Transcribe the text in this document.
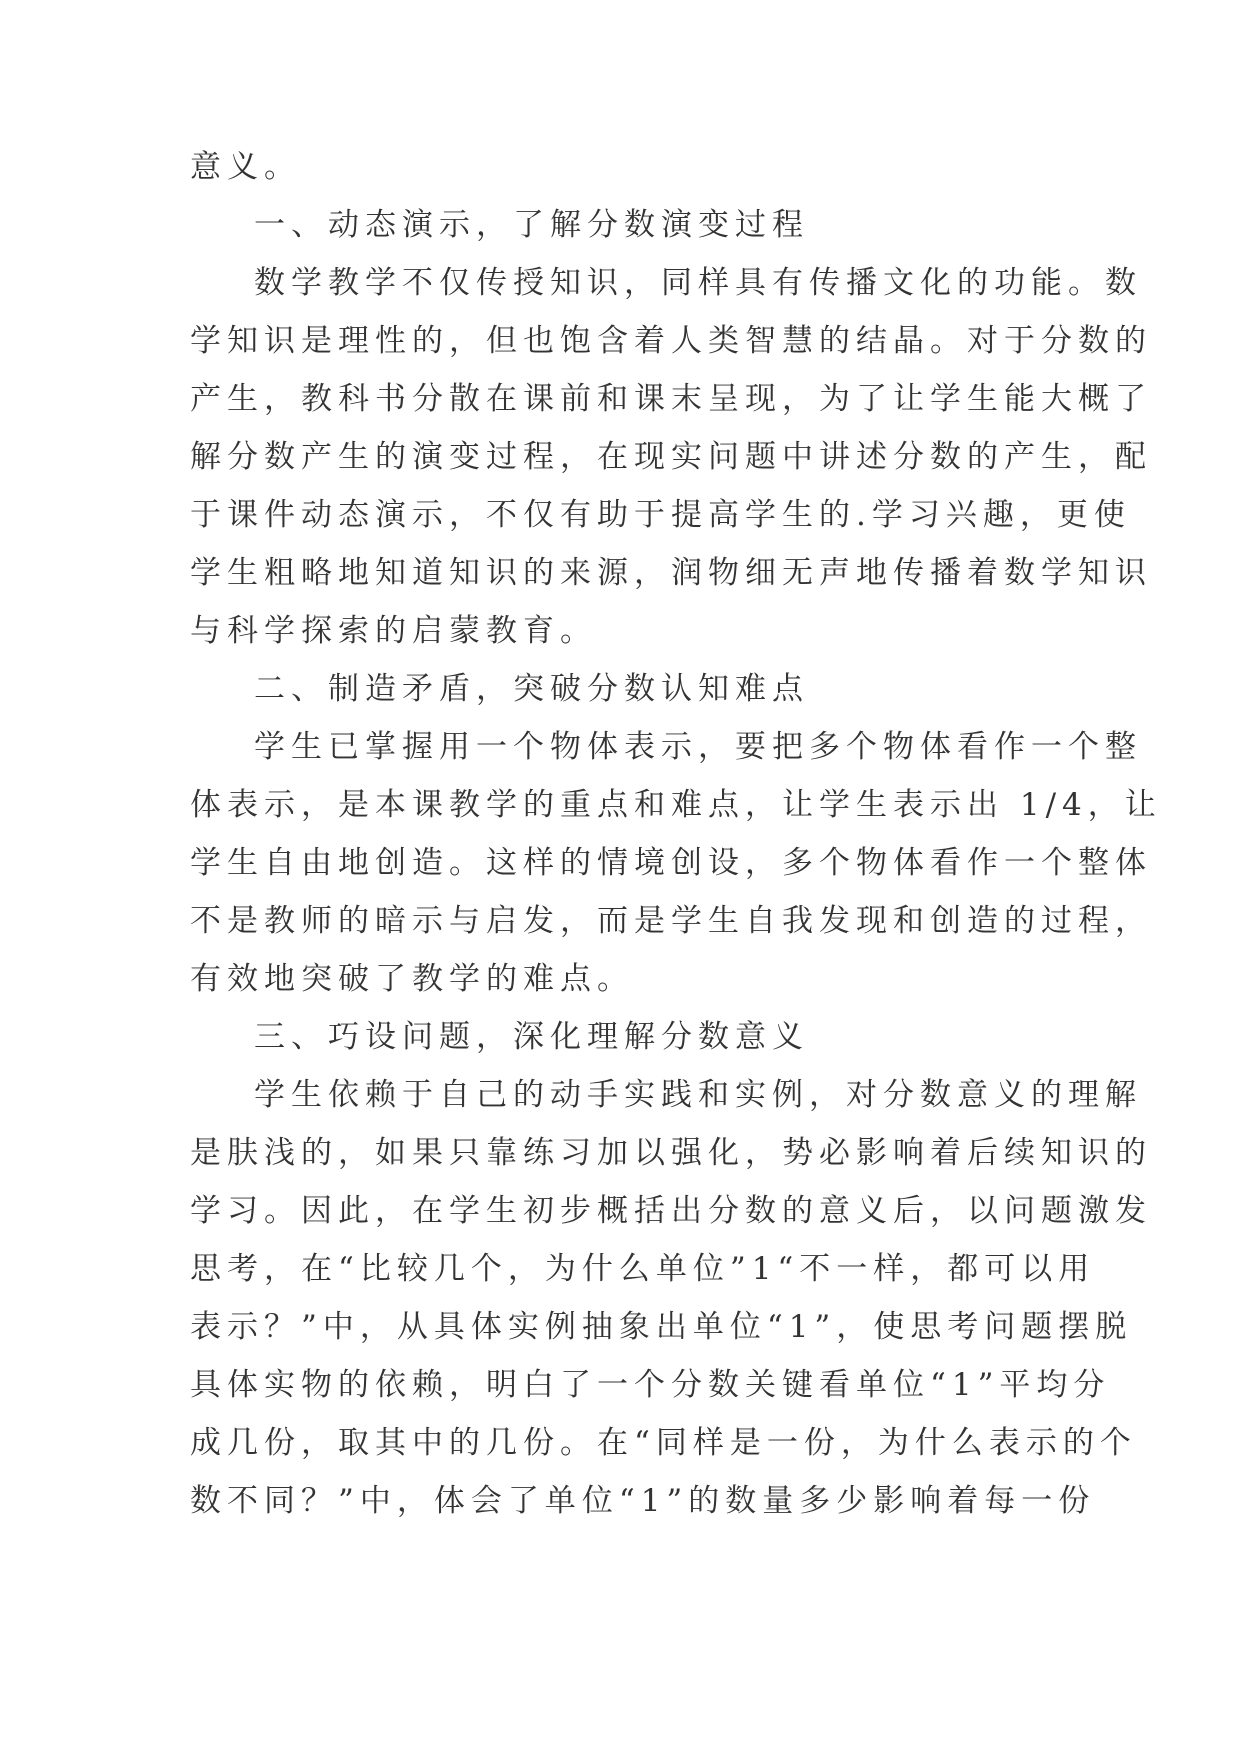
意义。
一、动态演示，了解分数演变过程
数学教学不仅传授知识，同样具有传播文化的功能。数
学知识是理性的，但也饱含着人类智慧的结晶。对于分数的
产生，教科书分散在课前和课末呈现，为了让学生能大概了
解分数产生的演变过程，在现实问题中讲述分数的产生，配
于课件动态演示，不仅有助于提高学生的.学习兴趣，更使
学生粗略地知道知识的来源，润物细无声地传播着数学知识
与科学探索的启蒙教育。
二、制造矛盾，突破分数认知难点
学生已掌握用一个物体表示，要把多个物体看作一个整
体表示，是本课教学的重点和难点，让学生表示出 1/4，让
学生自由地创造。这样的情境创设，多个物体看作一个整体
不是教师的暗示与启发，而是学生自我发现和创造的过程，
有效地突破了教学的难点。
三、巧设问题，深化理解分数意义
学生依赖于自己的动手实践和实例，对分数意义的理解
是肤浅的，如果只靠练习加以强化，势必影响着后续知识的
学习。因此，在学生初步概括出分数的意义后，以问题激发
思考，在“比较几个，为什么单位”1“不一样，都可以用
表示？”中，从具体实例抽象出单位“1”，使思考问题摆脱
具体实物的依赖，明白了一个分数关键看单位“1”平均分
成几份，取其中的几份。在“同样是一份，为什么表示的个
数不同？”中，体会了单位“1”的数量多少影响着每一份
